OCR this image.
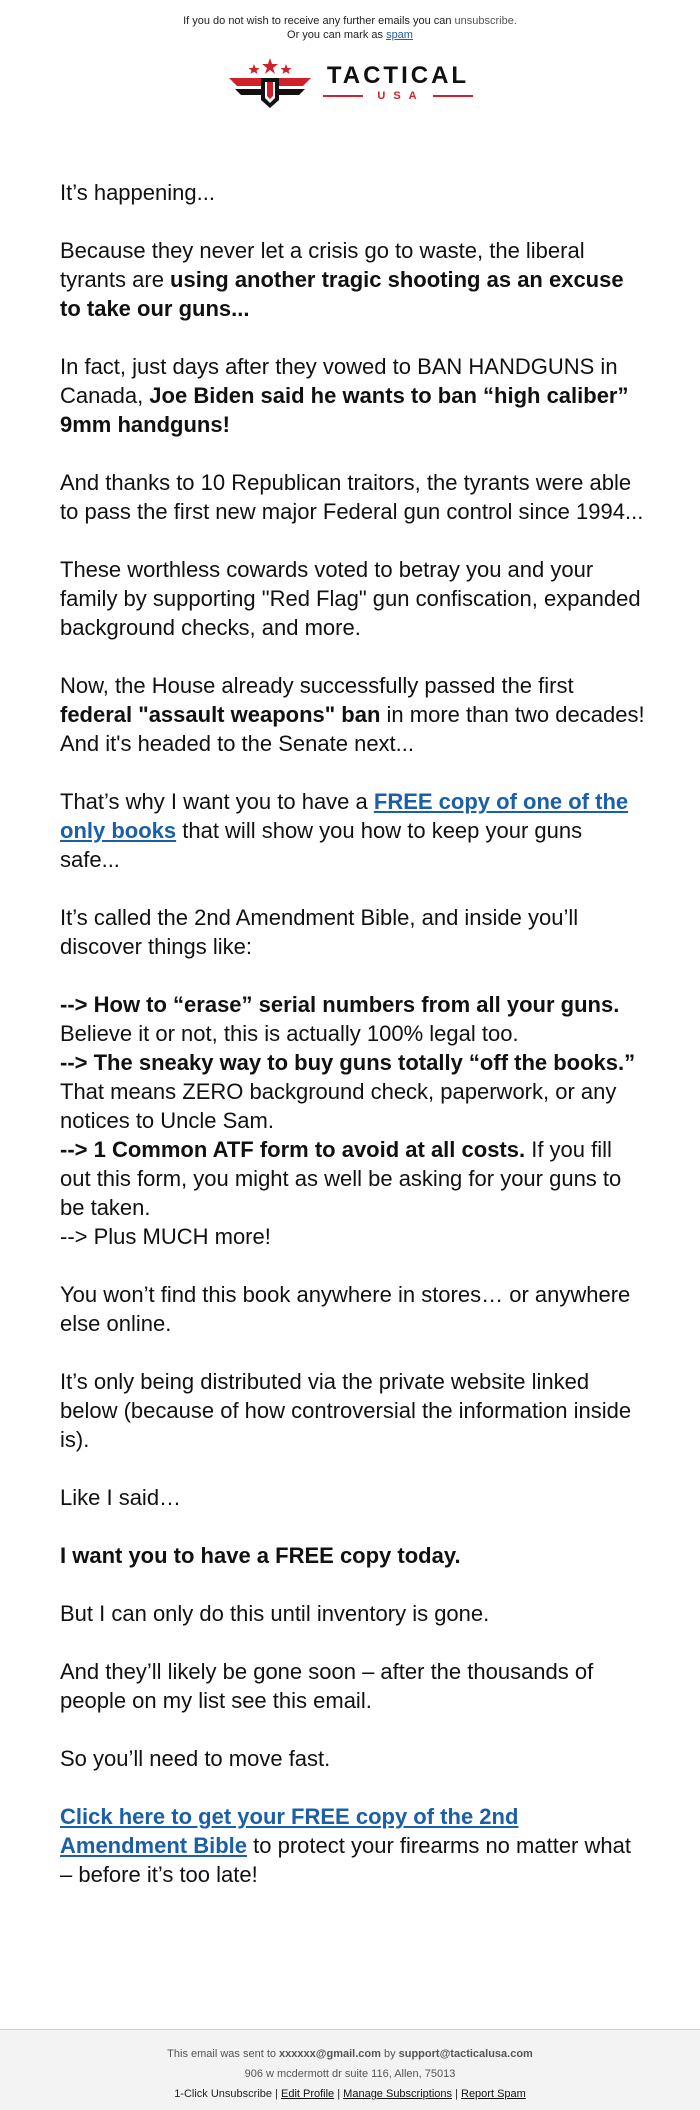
If you do not wish to receive any further emails you can unsubscribe.
Or you can mark as spam
TACTICAL
USA

It’s happening...

Because they never let a crisis go to waste, the liberal tyrants are using another tragic shooting as an excuse to take our guns...

In fact, just days after they vowed to BAN HANDGUNS in Canada, Joe Biden said he wants to ban “high caliber” 9mm handguns!

And thanks to 10 Republican traitors, the tyrants were able to pass the first new major Federal gun control since 1994...

These worthless cowards voted to betray you and your family by supporting "Red Flag" gun confiscation, expanded background checks, and more.

Now, the House already successfully passed the first federal "assault weapons" ban in more than two decades! And it's headed to the Senate next...

That’s why I want you to have a FREE copy of one of the only books that will show you how to keep your guns safe...

It’s called the 2nd Amendment Bible, and inside you’ll discover things like:

--> How to “erase” serial numbers from all your guns. Believe it or not, this is actually 100% legal too.
--> The sneaky way to buy guns totally “off the books.” That means ZERO background check, paperwork, or any notices to Uncle Sam.
--> 1 Common ATF form to avoid at all costs. If you fill out this form, you might as well be asking for your guns to be taken.
--> Plus MUCH more!

You won’t find this book anywhere in stores… or anywhere else online.

It’s only being distributed via the private website linked below (because of how controversial the information inside is).

Like I said…

I want you to have a FREE copy today.

But I can only do this until inventory is gone.

And they’ll likely be gone soon – after the thousands of people on my list see this email.

So you’ll need to move fast.

Click here to get your FREE copy of the 2nd Amendment Bible to protect your firearms no matter what – before it’s too late!

This email was sent to xxxxxx@gmail.com by support@tacticalusa.com
906 w mcdermott dr suite 116, Allen, 75013
1-Click Unsubscribe | Edit Profile | Manage Subscriptions | Report Spam
